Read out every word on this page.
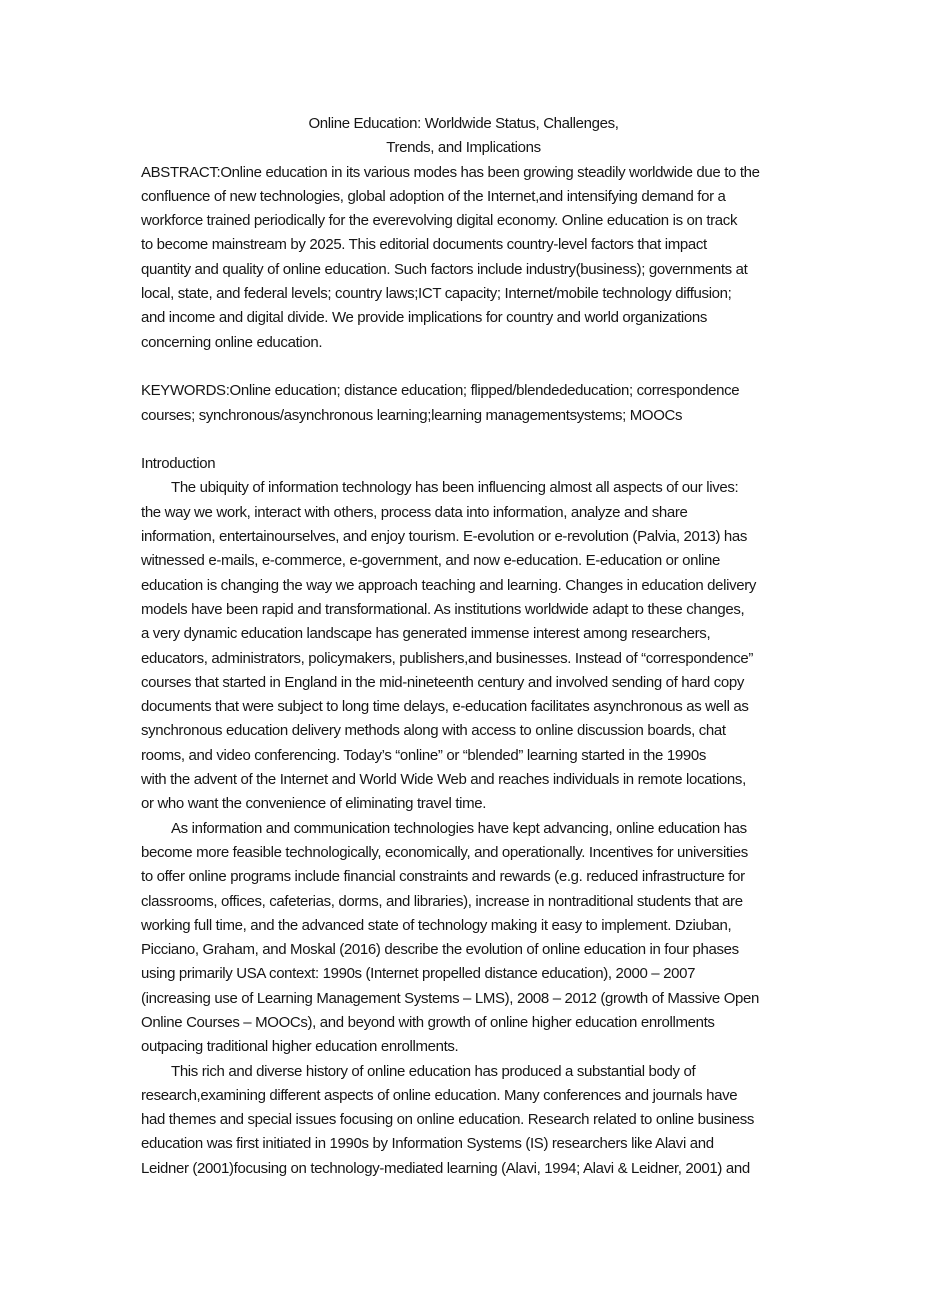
Online Education: Worldwide Status, Challenges,
Trends, and Implications
ABSTRACT:Online education in its various modes has been growing steadily worldwide due to the
confluence of new technologies, global adoption of the Internet,and intensifying demand for a
workforce trained periodically for the everevolving digital economy. Online education is on track
to become mainstream by 2025. This editorial documents country-level factors that impact
quantity and quality of online education. Such factors include industry(business); governments at
local, state, and federal levels; country laws;ICT capacity; Internet/mobile technology diffusion;
and income and digital divide. We provide implications for country and world organizations
concerning online education.
KEYWORDS:Online education; distance education; flipped/blendededucation; correspondence
courses; synchronous/asynchronous learning;learning managementsystems; MOOCs
Introduction
The ubiquity of information technology has been influencing almost all aspects of our lives:
the way we work, interact with others, process data into information, analyze and share
information, entertainourselves, and enjoy tourism. E-evolution or e-revolution (Palvia, 2013) has
witnessed e-mails, e-commerce, e-government, and now e-education. E-education or online
education is changing the way we approach teaching and learning. Changes in education delivery
models have been rapid and transformational. As institutions worldwide adapt to these changes,
a very dynamic education landscape has generated immense interest among researchers,
educators, administrators, policymakers, publishers,and businesses. Instead of “correspondence”
courses that started in England in the mid-nineteenth century and involved sending of hard copy
documents that were subject to long time delays, e-education facilitates asynchronous as well as
synchronous education delivery methods along with access to online discussion boards, chat
rooms, and video conferencing. Today’s “online” or “blended” learning started in the 1990s
with the advent of the Internet and World Wide Web and reaches individuals in remote locations,
or who want the convenience of eliminating travel time.
As information and communication technologies have kept advancing, online education has
become more feasible technologically, economically, and operationally. Incentives for universities
to offer online programs include financial constraints and rewards (e.g. reduced infrastructure for
classrooms, offices, cafeterias, dorms, and libraries), increase in nontraditional students that are
working full time, and the advanced state of technology making it easy to implement. Dziuban,
Picciano, Graham, and Moskal (2016) describe the evolution of online education in four phases
using primarily USA context: 1990s (Internet propelled distance education), 2000 – 2007
(increasing use of Learning Management Systems – LMS), 2008 – 2012 (growth of Massive Open
Online Courses – MOOCs), and beyond with growth of online higher education enrollments
outpacing traditional higher education enrollments.
This rich and diverse history of online education has produced a substantial body of
research,examining different aspects of online education. Many conferences and journals have
had themes and special issues focusing on online education. Research related to online business
education was first initiated in 1990s by Information Systems (IS) researchers like Alavi and
Leidner (2001)focusing on technology-mediated learning (Alavi, 1994; Alavi & Leidner, 2001) and
